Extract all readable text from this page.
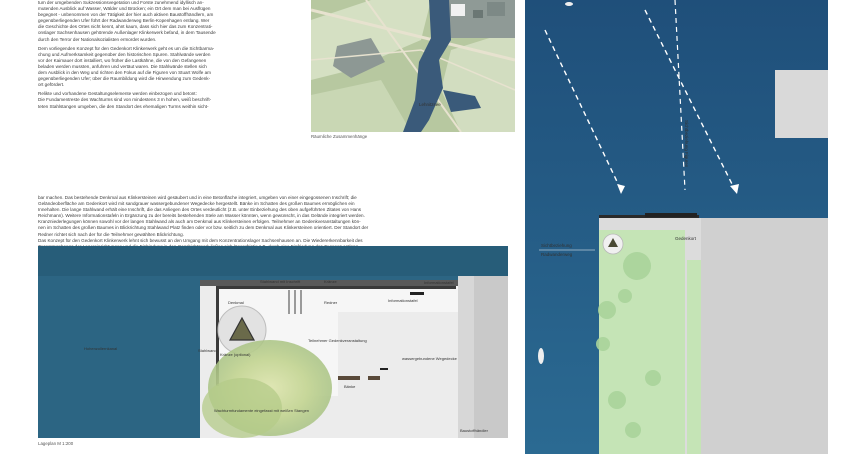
tum der umgebenden Sukzessionsvegetation und Forste zunehmend idyllisch an-
mutenden Ausblick auf Wasser, Wälder und Brücken; ein Ort dem man bei Ausflügen
begegnet - unbenommen von der Tätigkeit der hier auch aktiven Baustoffhändlern, am
gegenüberliegenden Ufer führt der Radwanderweg Berlin-Kopenhagen entlang. Wer
die Geschichte des Ortes nicht kennt, ahnt kaum, dass sich hier das zum Konzentrati-
onslager Sachsenhausen gehörende Außenlager Klinkerwerk befand, in dem Tausende
durch den Terror der Nationalsozialisten ermordet wurden.

Dem vorliegenden Konzept für den Gedenkort Klinkerwerk geht es um die Sichtbarma-
chung und Aufmerksamkeit gegenüber den historischen Spuren. Stahlwände werden
vor der Kaimauer dort installiert, wo früher die Lastkähne, die von den Gefangenen
beladen werden mussten, anfuhren und vertäut waren. Die Stahlwände stellen sich
dem Ausblick in den Weg und richten den Fokus auf die Figuren von Stuart Wolfe am
gegenüberliegenden Ufer; über die Raumbildung wird die Hinwendung zum Gedenk-
ort gefördert.

Relikte und vorhandene Gestaltungselemente werden einbezogen und betont:
Die Fundamentreste des Wachturms sind von mindestens 3 m hohen, weiß beschrift-
teten Stahlstangen umgeben, die den Standort des ehemaligen Turms weithin sicht-

bar machen. Das bestehende Denkmal aus Klinkersteinen wird gesäubert und in eine Betonfläche integriert, umgeben von einer eingegossenen Inschrift; die
Geländeoberfläche am Gedenkort wird mit sandgrauer wassergebundener Wegedecke hergestellt. Bänke im Schatten des großen Baumes ermöglichen ein
Innehalten. Die lange Stahlwand erhält eine Inschrift, die das Anliegen des Ortes verdeutlicht (z.B. unter Einbeziehung des oben aufgeführten Zitates von Hans
Reichmann). Weitere Informationstafeln in Ergänzung zu der bereits bestehenden Stele am Wasser könnten, wenn gewünscht, in das Gelände integriert werden.
Kranzniederlegungen können sowohl vor der langen Stahlwand als auch am Denkmal aus Klinkersteinen erfolgen. Teilnehmer an Gedenkveranstaltungen kön-
nen im Schatten des großen Baumes in Blickrichtung Stahlwand Platz finden oder vor bzw. seitlich zu dem Denkmal aus Klinkersteinen orientiert. Der Standort der
Redner richtet sich nach der für die Teilnehmer gewählten Blickrichtung.
Das Konzept für den Gedenkort Klinkerwerk lehnt sich bewusst an den Umgang mit dem Konzentrationslager Sachsenhausen an. Die Wiedererkennbarkeit des

Lehnitzsee
Räumliche Zusammenhänge
Stahlwand mit Inschrift	Kränze
Redner	Informationstafel
Informationstafel
Denkmal
Stahlwand
Kränze (optional)
Teilnehmer Gedenkveranstaltung
wassergebundene Wegedecke
Bänke
Hohenzollernkanal
Wachturmfundamente eingefasst mit weißen Stangen
Baustoffhändler
Lageplan M 1:200
Sichtbeziehung Figuren
Sichtbeziehung
Radwanderweg
Gedenkort
